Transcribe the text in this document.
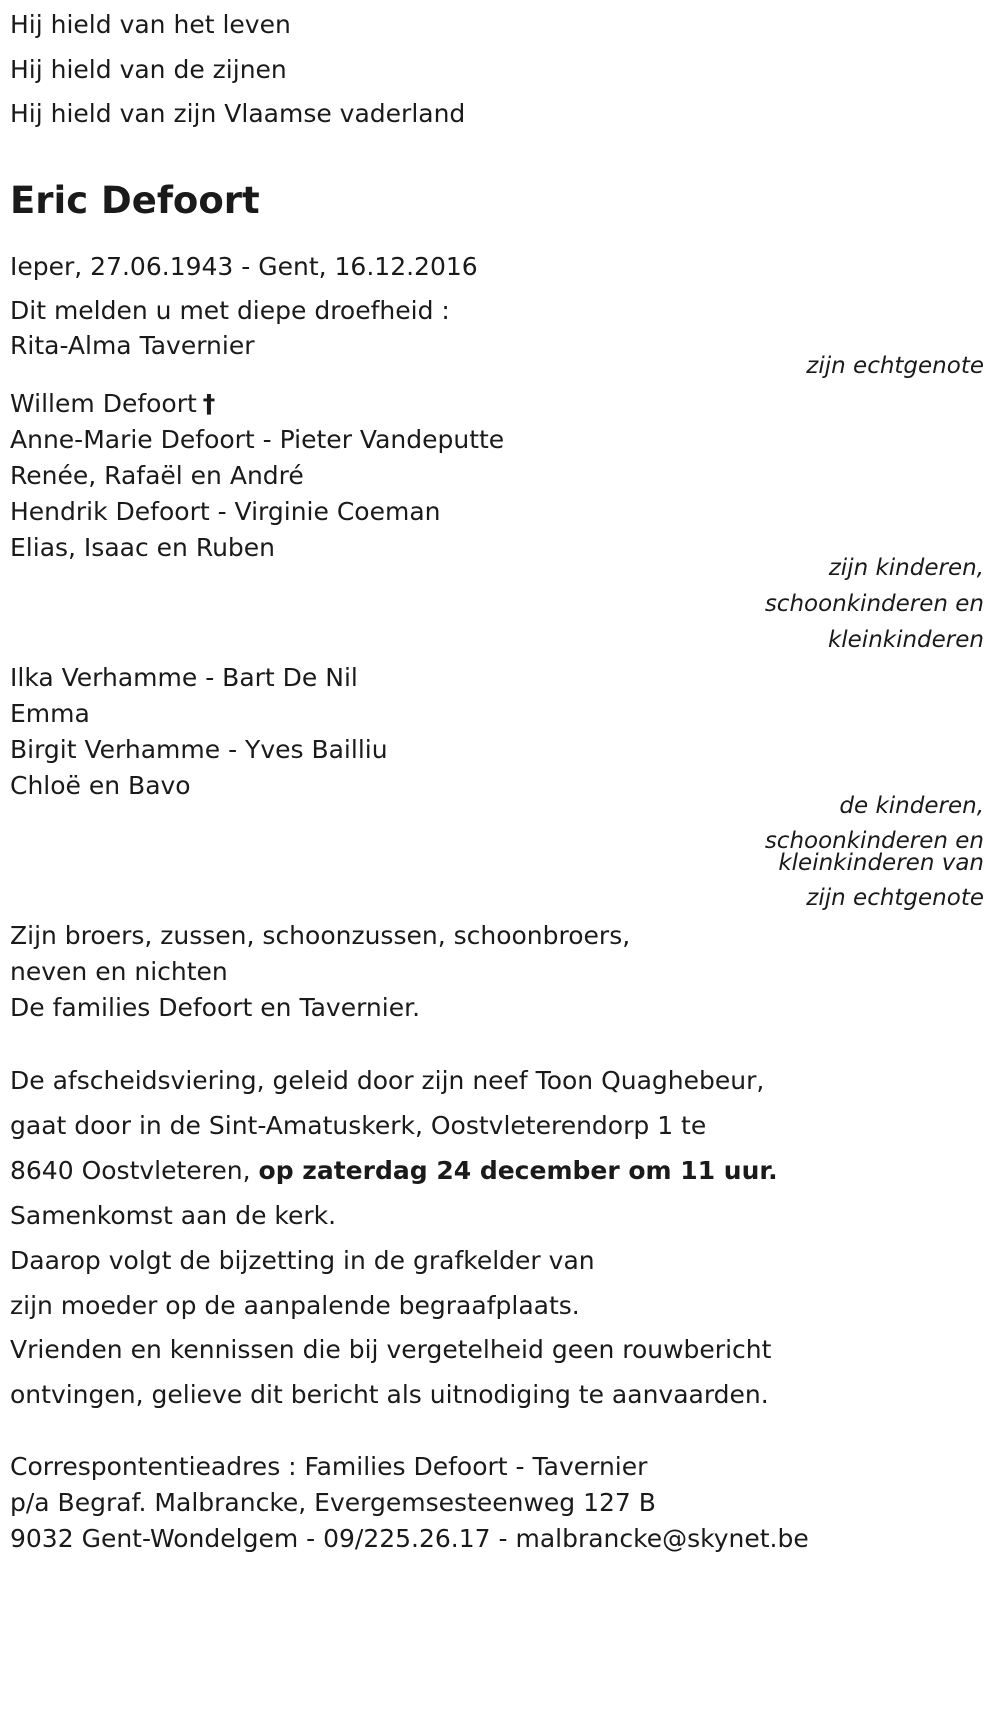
Hij hield van het leven
Hij hield van de zijnen
Hij hield van zijn Vlaamse vaderland
Eric Defoort
Ieper, 27.06.1943 - Gent, 16.12.2016
Dit melden u met diepe droefheid :
Rita-Alma Tavernier
zijn echtgenote
Willem Defoort †
Anne-Marie Defoort - Pieter Vandeputte
Renée, Rafaël en André
Hendrik Defoort - Virginie Coeman
Elias, Isaac en Ruben
zijn kinderen,
schoonkinderen en
kleinkinderen
Ilka Verhamme - Bart De Nil
Emma
Birgit Verhamme - Yves Bailliu
Chloë en Bavo
de kinderen,
schoonkinderen en
kleinkinderen van
zijn echtgenote
Zijn broers, zussen, schoonzussen, schoonbroers,
neven en nichten
De families Defoort en Tavernier.
De afscheidsviering, geleid door zijn neef Toon Quaghebeur,
gaat door in de Sint-Amatuskerk, Oostvleterendorp 1 te
8640 Oostvleteren, op zaterdag 24 december om 11 uur.
Samenkomst aan de kerk.
Daarop volgt de bijzetting in de grafkelder van
zijn moeder op de aanpalende begraafplaats.
Vrienden en kennissen die bij vergetelheid geen rouwbericht
ontvingen, gelieve dit bericht als uitnodiging te aanvaarden.
Correspontentieadres : Families Defoort - Tavernier
p/a Begraf. Malbrancke, Evergemsesteenweg 127 B
9032 Gent-Wondelgem - 09/225.26.17 - malbrancke@skynet.be
